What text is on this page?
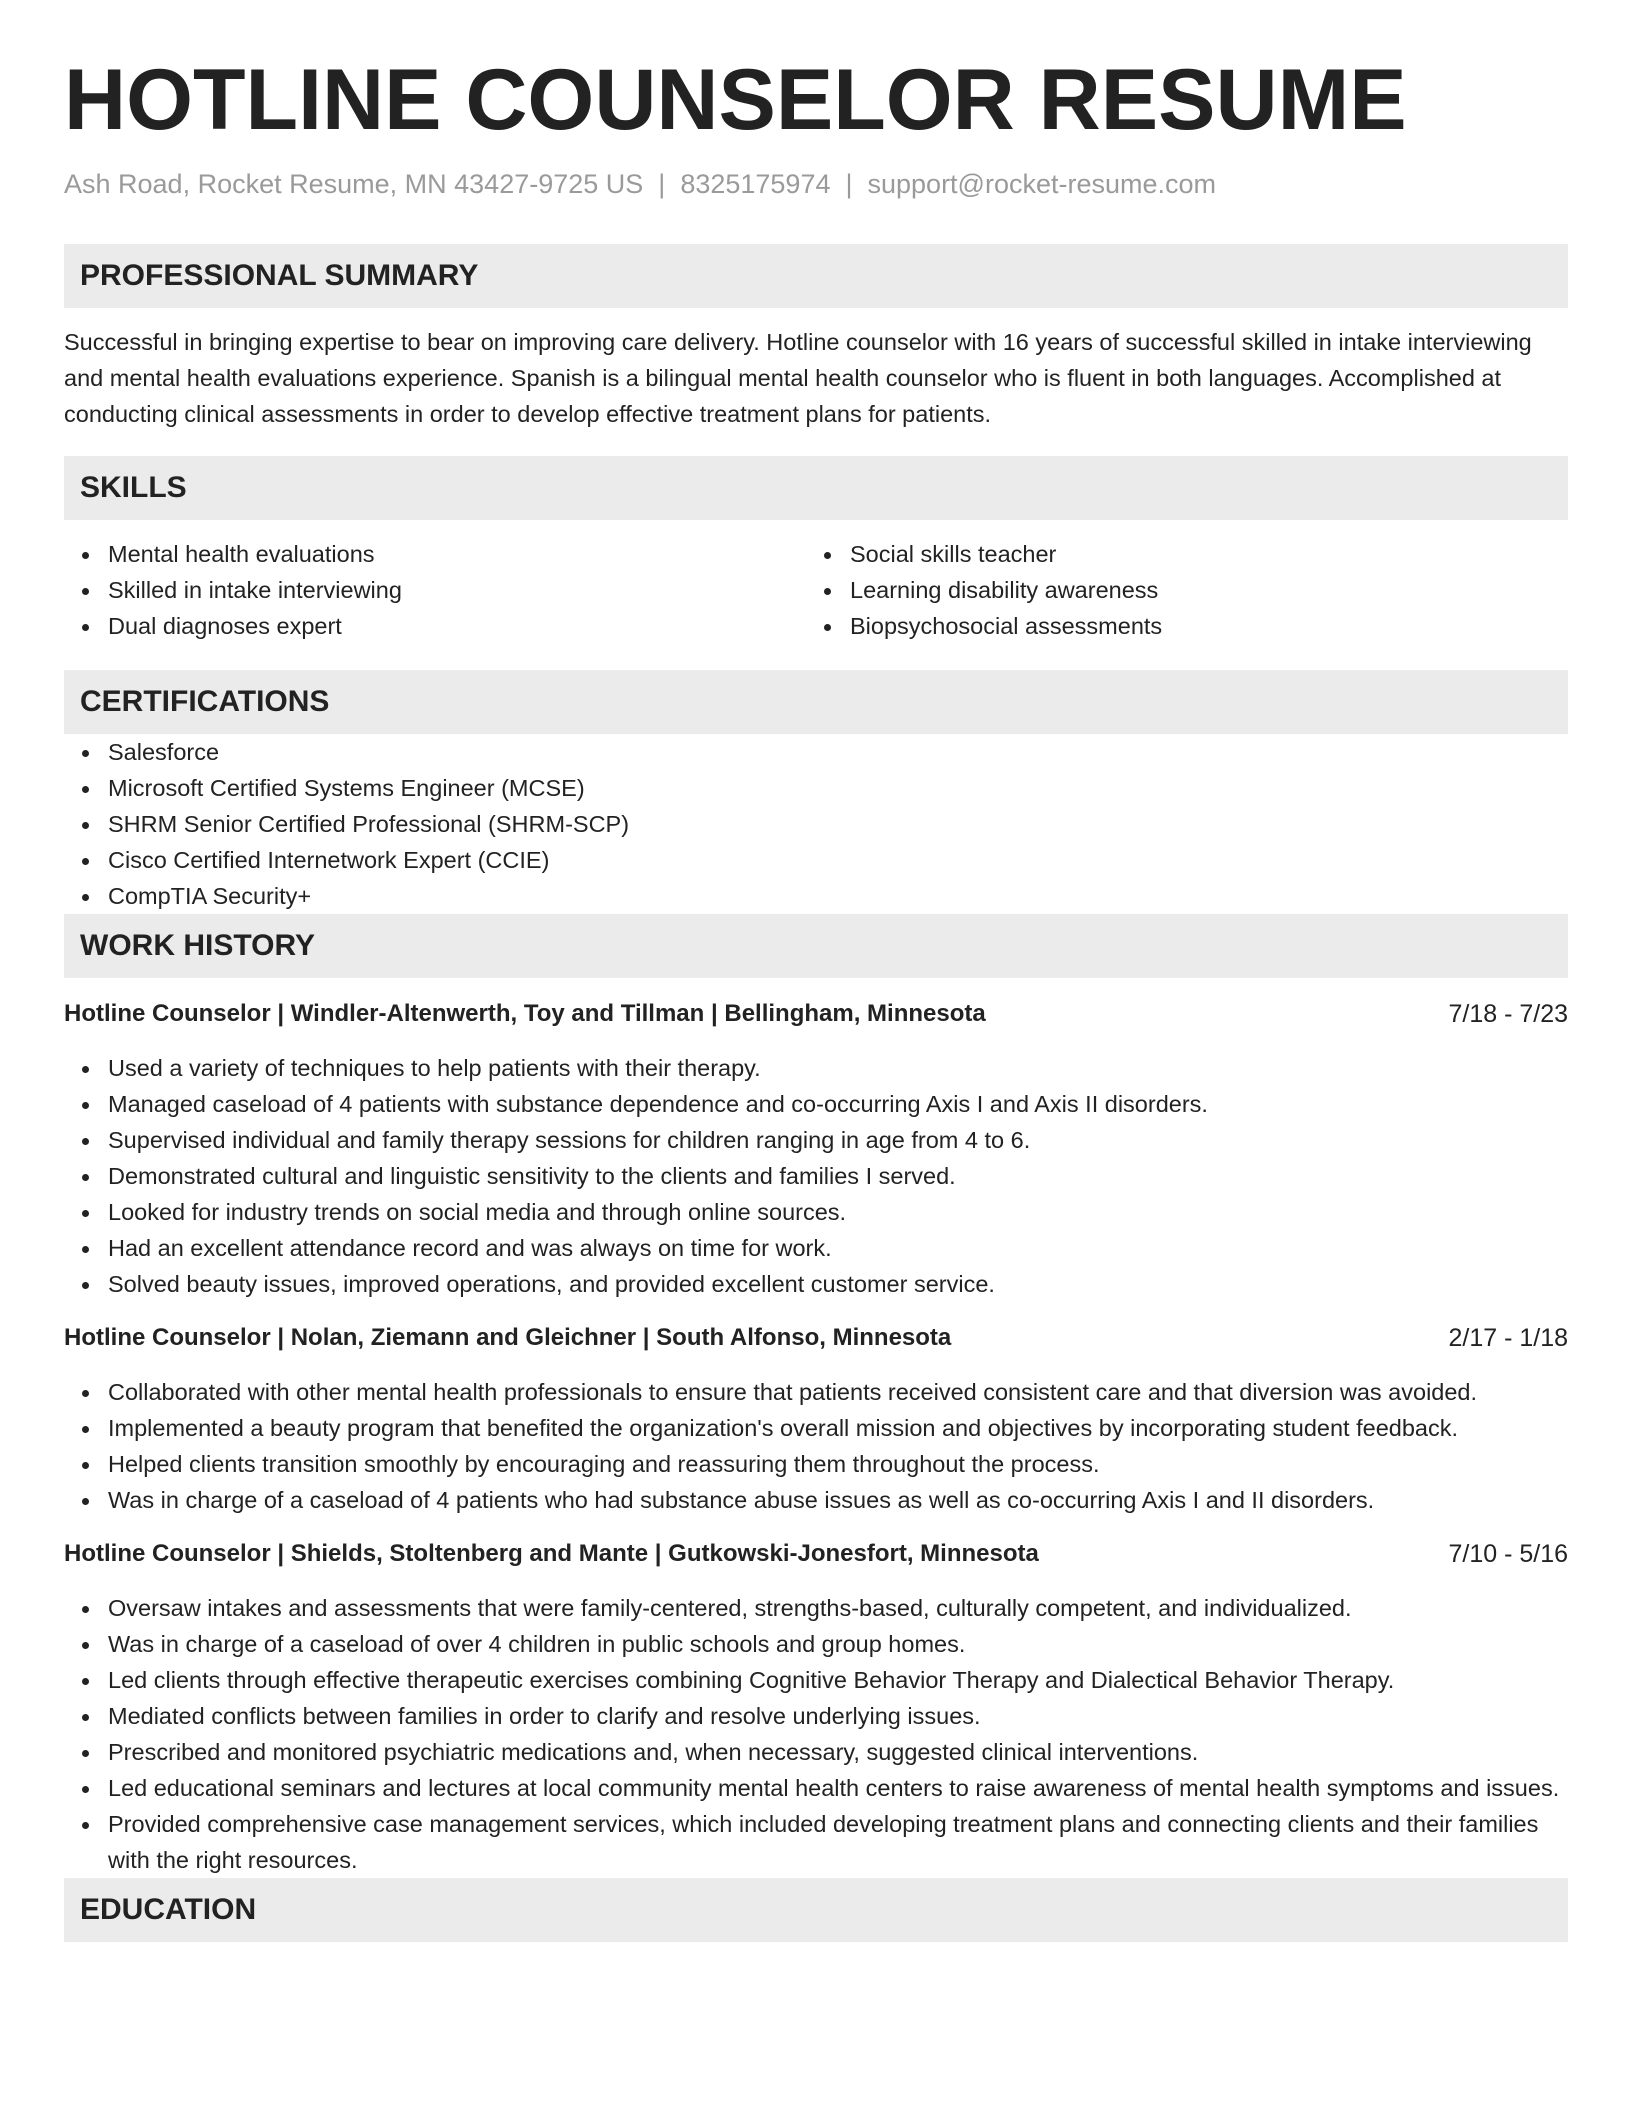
HOTLINE COUNSELOR RESUME
Ash Road, Rocket Resume, MN 43427-9725 US | 8325175974 | support@rocket-resume.com
PROFESSIONAL SUMMARY

Successful in bringing expertise to bear on improving care delivery. Hotline counselor with 16 years of successful skilled in intake interviewing and mental health evaluations experience. Spanish is a bilingual mental health counselor who is fluent in both languages. Accomplished at conducting clinical assessments in order to develop effective treatment plans for patients.

SKILLS
Mental health evaluations
Skilled in intake interviewing
Dual diagnoses expert
Social skills teacher
Learning disability awareness
Biopsychosocial assessments
CERTIFICATIONS
Salesforce
Microsoft Certified Systems Engineer (MCSE)
SHRM Senior Certified Professional (SHRM-SCP)
Cisco Certified Internetwork Expert (CCIE)
CompTIA Security+
WORK HISTORY
Hotline Counselor | Windler-Altenwerth, Toy and Tillman | Bellingham, Minnesota	7/18 - 7/23
Used a variety of techniques to help patients with their therapy.
Managed caseload of 4 patients with substance dependence and co-occurring Axis I and Axis II disorders.
Supervised individual and family therapy sessions for children ranging in age from 4 to 6.
Demonstrated cultural and linguistic sensitivity to the clients and families I served.
Looked for industry trends on social media and through online sources.
Had an excellent attendance record and was always on time for work.
Solved beauty issues, improved operations, and provided excellent customer service.
Hotline Counselor | Nolan, Ziemann and Gleichner | South Alfonso, Minnesota	2/17 - 1/18
Collaborated with other mental health professionals to ensure that patients received consistent care and that diversion was avoided.
Implemented a beauty program that benefited the organization's overall mission and objectives by incorporating student feedback.
Helped clients transition smoothly by encouraging and reassuring them throughout the process.
Was in charge of a caseload of 4 patients who had substance abuse issues as well as co-occurring Axis I and II disorders.
Hotline Counselor | Shields, Stoltenberg and Mante | Gutkowski-Jonesfort, Minnesota	7/10 - 5/16
Oversaw intakes and assessments that were family-centered, strengths-based, culturally competent, and individualized.
Was in charge of a caseload of over 4 children in public schools and group homes.
Led clients through effective therapeutic exercises combining Cognitive Behavior Therapy and Dialectical Behavior Therapy.
Mediated conflicts between families in order to clarify and resolve underlying issues.
Prescribed and monitored psychiatric medications and, when necessary, suggested clinical interventions.
Led educational seminars and lectures at local community mental health centers to raise awareness of mental health symptoms and issues.
Provided comprehensive case management services, which included developing treatment plans and connecting clients and their families with the right resources.
EDUCATION
